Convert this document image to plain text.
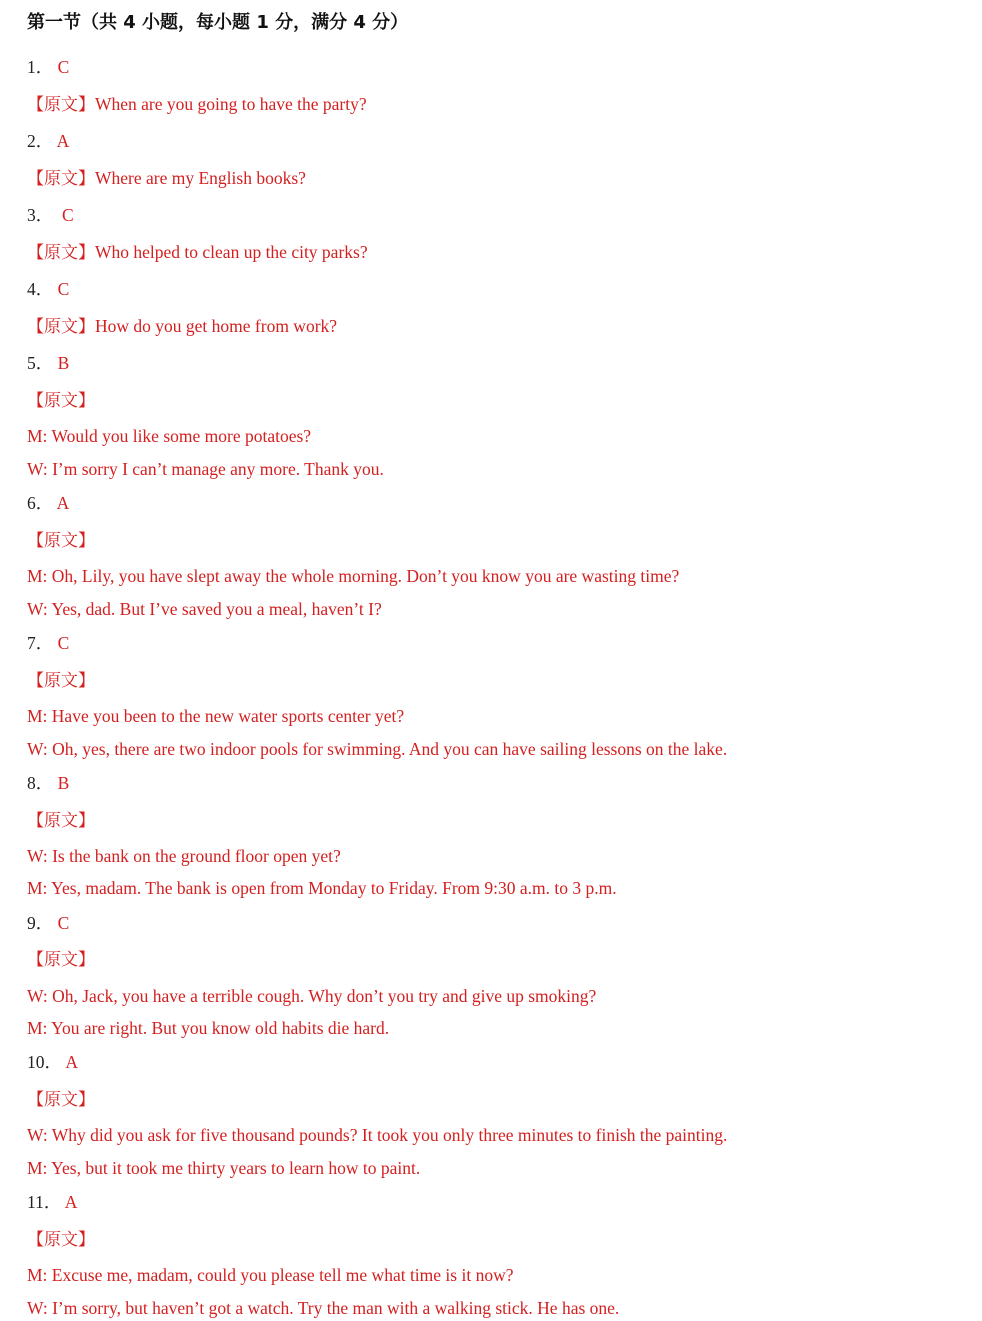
第一节（共 4 小题，每小题 1 分，满分 4 分）
1． C
【原文】When are you going to have the party?
2． A
【原文】Where are my English books?
3．  C
【原文】Who helped to clean up the city parks?
4． C
【原文】How do you get home from work?
5． B
【原文】
M: Would you like some more potatoes?
W: I’m sorry I can’t manage any more. Thank you.
6． A
【原文】
M: Oh, Lily, you have slept away the whole morning. Don’t you know you are wasting time?
W: Yes, dad. But I’ve saved you a meal, haven’t I?
7． C
【原文】
M: Have you been to the new water sports center yet?
W: Oh, yes, there are two indoor pools for swimming. And you can have sailing lessons on the lake.
8． B
【原文】
W: Is the bank on the ground floor open yet?
M: Yes, madam. The bank is open from Monday to Friday. From 9:30 a.m. to 3 p.m.
9． C
【原文】
W: Oh, Jack, you have a terrible cough. Why don’t you try and give up smoking?
M: You are right. But you know old habits die hard.
10． A
【原文】
W: Why did you ask for five thousand pounds? It took you only three minutes to finish the painting.
M: Yes, but it took me thirty years to learn how to paint.
11． A
【原文】
M: Excuse me, madam, could you please tell me what time is it now?
W: I’m sorry, but haven’t got a watch. Try the man with a walking stick. He has one.
